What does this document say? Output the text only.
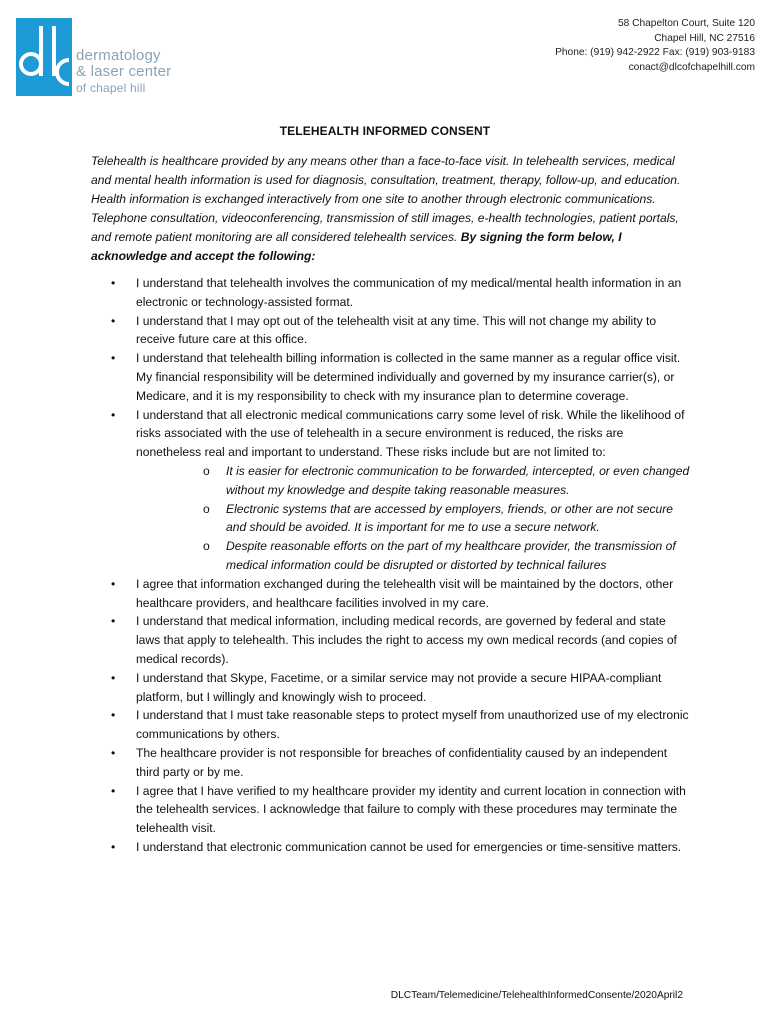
dermatology
& laser center
of chapel hill
58 Chapelton Court, Suite 120
Chapel Hill, NC 27516
Phone: (919) 942-2922 Fax: (919) 903-9183
conact@dlcofchapelhill.com
TELEHEALTH INFORMED CONSENT
Telehealth is healthcare provided by any means other than a face-to-face visit. In telehealth services, medical and mental health information is used for diagnosis, consultation, treatment, therapy, follow-up, and education. Health information is exchanged interactively from one site to another through electronic communications. Telephone consultation, videoconferencing, transmission of still images, e-health technologies, patient portals, and remote patient monitoring are all considered telehealth services. By signing the form below, I acknowledge and accept the following:
• I understand that telehealth involves the communication of my medical/mental health information in an electronic or technology-assisted format.
• I understand that I may opt out of the telehealth visit at any time. This will not change my ability to receive future care at this office.
• I understand that telehealth billing information is collected in the same manner as a regular office visit. My financial responsibility will be determined individually and governed by my insurance carrier(s), or Medicare, and it is my responsibility to check with my insurance plan to determine coverage.
• I understand that all electronic medical communications carry some level of risk. While the likelihood of risks associated with the use of telehealth in a secure environment is reduced, the risks are nonetheless real and important to understand. These risks include but are not limited to:
o It is easier for electronic communication to be forwarded, intercepted, or even changed without my knowledge and despite taking reasonable measures.
o Electronic systems that are accessed by employers, friends, or other are not secure and should be avoided. It is important for me to use a secure network.
o Despite reasonable efforts on the part of my healthcare provider, the transmission of medical information could be disrupted or distorted by technical failures
• I agree that information exchanged during the telehealth visit will be maintained by the doctors, other healthcare providers, and healthcare facilities involved in my care.
• I understand that medical information, including medical records, are governed by federal and state laws that apply to telehealth. This includes the right to access my own medical records (and copies of medical records).
• I understand that Skype, Facetime, or a similar service may not provide a secure HIPAA-compliant platform, but I willingly and knowingly wish to proceed.
• I understand that I must take reasonable steps to protect myself from unauthorized use of my electronic communications by others.
• The healthcare provider is not responsible for breaches of confidentiality caused by an independent third party or by me.
• I agree that I have verified to my healthcare provider my identity and current location in connection with the telehealth services. I acknowledge that failure to comply with these procedures may terminate the telehealth visit.
• I understand that electronic communication cannot be used for emergencies or time-sensitive matters.
DLCTeam/Telemedicine/TelehealthInformedConsente/2020April2
